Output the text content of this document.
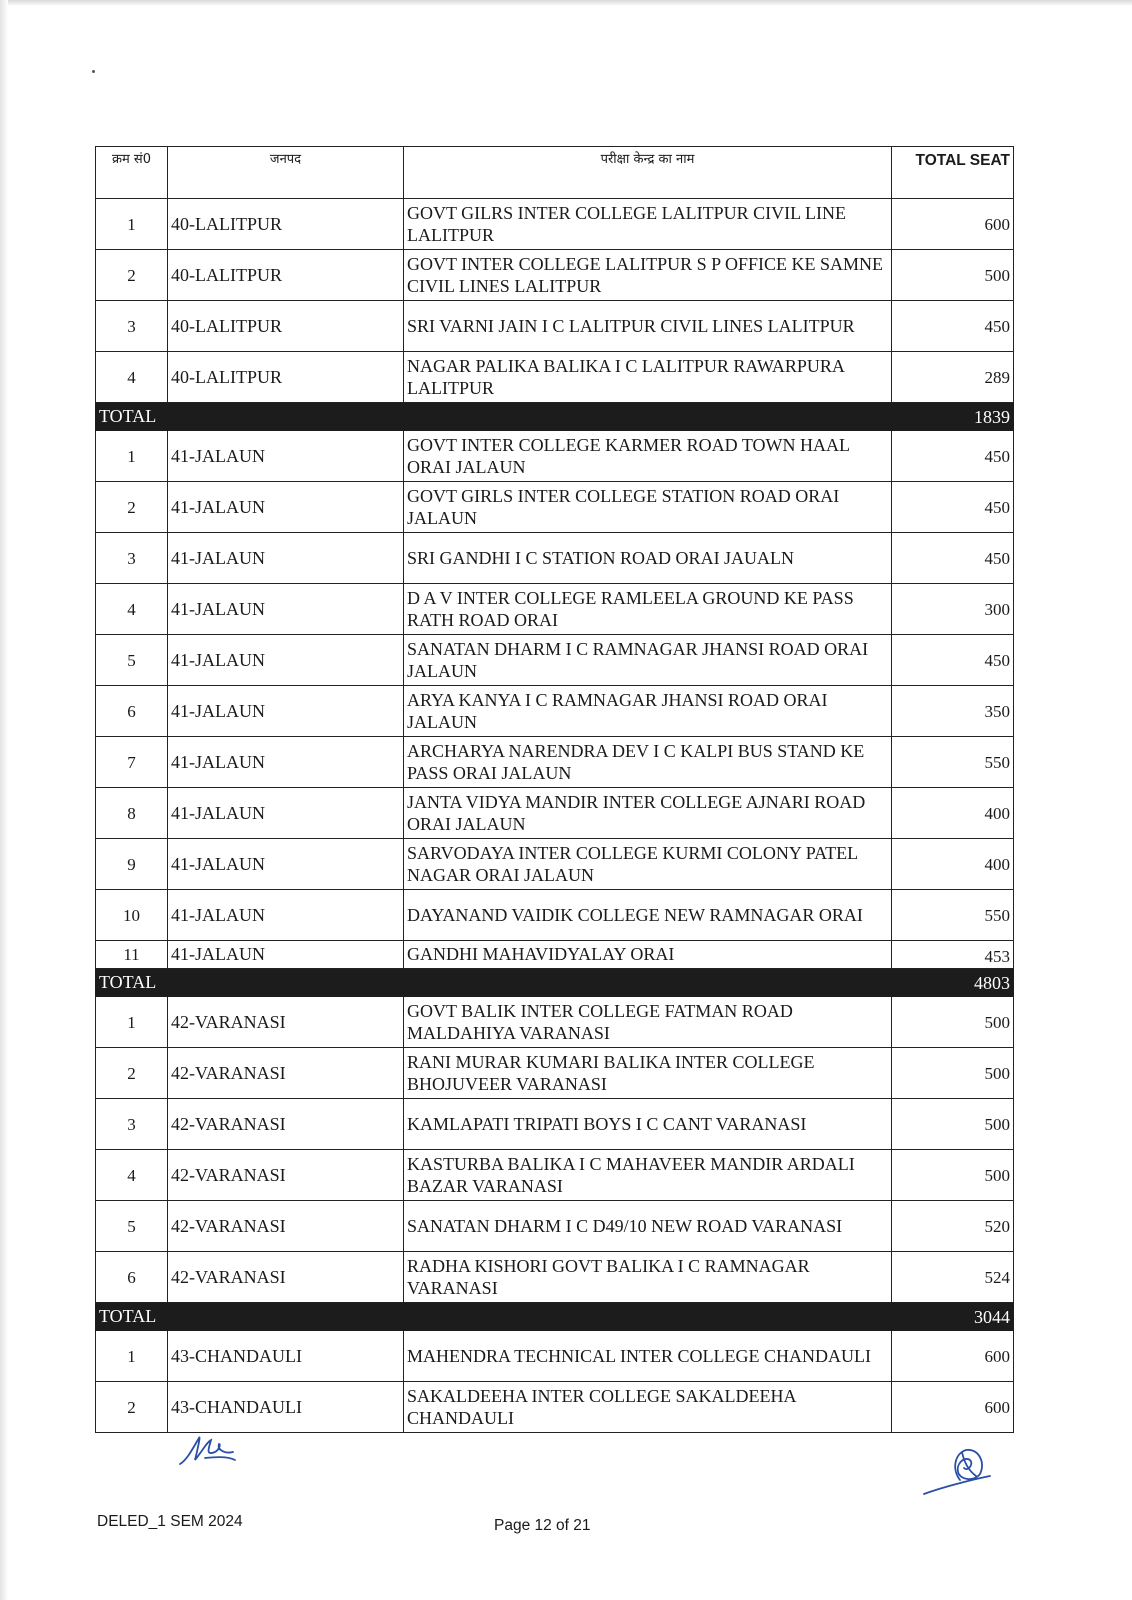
क्रम सं0	जनपद	परीक्षा केन्द्र का नाम	TOTAL SEAT
1	40-LALITPUR	GOVT GILRS INTER COLLEGE LALITPUR CIVIL LINE LALITPUR	600
2	40-LALITPUR	GOVT INTER COLLEGE LALITPUR S P OFFICE KE SAMNE CIVIL LINES LALITPUR	500
3	40-LALITPUR	SRI VARNI JAIN I C LALITPUR CIVIL LINES LALITPUR	450
4	40-LALITPUR	NAGAR PALIKA BALIKA I C LALITPUR RAWARPURA LALITPUR	289
TOTAL			1839
1	41-JALAUN	GOVT INTER COLLEGE KARMER ROAD TOWN HAAL ORAI JALAUN	450
2	41-JALAUN	GOVT GIRLS INTER COLLEGE STATION ROAD ORAI JALAUN	450
3	41-JALAUN	SRI GANDHI I C STATION ROAD ORAI JAUALN	450
4	41-JALAUN	D A V INTER COLLEGE RAMLEELA GROUND KE PASS RATH ROAD ORAI	300
5	41-JALAUN	SANATAN DHARM I C RAMNAGAR JHANSI ROAD ORAI JALAUN	450
6	41-JALAUN	ARYA KANYA I C RAMNAGAR JHANSI ROAD ORAI JALAUN	350
7	41-JALAUN	ARCHARYA NARENDRA DEV I C KALPI BUS STAND KE PASS ORAI JALAUN	550
8	41-JALAUN	JANTA VIDYA MANDIR INTER COLLEGE AJNARI ROAD ORAI JALAUN	400
9	41-JALAUN	SARVODAYA INTER COLLEGE KURMI COLONY PATEL NAGAR ORAI JALAUN	400
10	41-JALAUN	DAYANAND VAIDIK COLLEGE NEW RAMNAGAR ORAI	550
11	41-JALAUN	GANDHI MAHAVIDYALAY ORAI	453
TOTAL			4803
1	42-VARANASI	GOVT BALIK INTER COLLEGE FATMAN ROAD MALDAHIYA VARANASI	500
2	42-VARANASI	RANI MURAR KUMARI BALIKA INTER COLLEGE BHOJUVEER VARANASI	500
3	42-VARANASI	KAMLAPATI TRIPATI BOYS I C CANT VARANASI	500
4	42-VARANASI	KASTURBA BALIKA I C MAHAVEER MANDIR ARDALI BAZAR VARANASI	500
5	42-VARANASI	SANATAN DHARM I C D49/10 NEW ROAD VARANASI	520
6	42-VARANASI	RADHA KISHORI GOVT BALIKA I C RAMNAGAR VARANASI	524
TOTAL			3044
1	43-CHANDAULI	MAHENDRA TECHNICAL INTER COLLEGE CHANDAULI	600
2	43-CHANDAULI	SAKALDEEHA INTER COLLEGE SAKALDEEHA CHANDAULI	600
DELED_1 SEM 2024	Page 12 of 21
